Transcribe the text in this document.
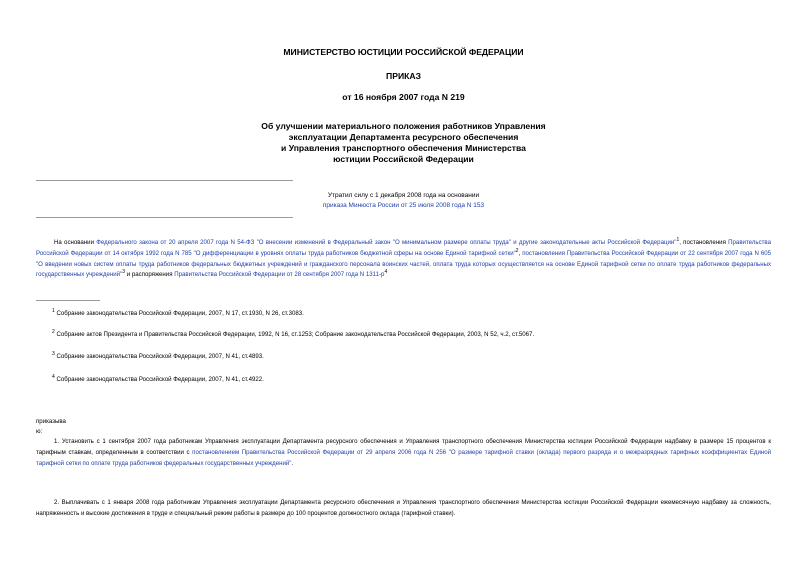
МИНИСТЕРСТВО ЮСТИЦИИ РОССИЙСКОЙ ФЕДЕРАЦИИ
ПРИКАЗ
от 16 ноября 2007 года N 219
Об улучшении материального положения работников Управления
эксплуатации Департамента ресурсного обеспечения
и Управления транспортного обеспечения Министерства
юстиции Российской Федерации
Утратил силу с 1 декабря 2008 года на основании
приказа Минюста России от 25 июля 2008 года N 153
На основании Федерального закона от 20 апреля 2007 года N 54-ФЗ "О внесении изменений в Федеральный закон "О минимальном размере оплаты труда" и другие законодательные акты Российской Федерации"$^1$, постановления Правительства Российской Федерации от 14 октября 1992 года N 785 "О дифференциации в уровнях оплаты труда работников бюджетной сферы на основе Единой тарифной сетки"$^2$, постановления Правительства Российской Федерации от 22 сентября 2007 года N 605 "О введении новых систем оплаты труда работников федеральных бюджетных учреждений и гражданского персонала воинских частей, оплата труда которых осуществляется на основе Единой тарифной сетки по оплате труда работников федеральных государственных учреждений"$^3$ и распоряжения Правительства Российской Федерации от 28 сентября 2007 года N $1311-р^4$
$^1$ Собрание законодательства Российской Федерации, 2007, N 17, ст.1930, N 26, ст.3083.
$^2$ Собрание актов Президента и Правительства Российской Федерации, 1992, N 16, ст.1253; Собрание законодательства Российской Федерации, 2003, N 52, ч.2, ст.5067.
$^3$ Собрание законодательства Российской Федерации, 2007, N 41, ст.4893.
$^4$ Собрание законодательства Российской Федерации, 2007, N 41, ст.4922.
приказыва
ю:
1. Установить с 1 сентября 2007 года работникам Управления эксплуатации Департамента ресурсного обеспечения и Управления транспортного обеспечения Министерства юстиции Российской Федерации надбавку в размере 15 процентов к тарифным ставкам, определенным в соответствии с постановлением Правительства Российской Федерации от 29 апреля 2006 года N 256 "О размере тарифной ставки (оклада) первого разряда и о межразрядных тарифных коэффициентах Единой тарифной сетки по оплате труда работников федеральных государственных учреждений".
2. Выплачивать с 1 января 2008 года работникам Управления эксплуатации Департамента ресурсного обеспечения и Управления транспортного обеспечения Министерства юстиции Российской Федерации ежемесячную надбавку за сложность, напряженность и высокие достижения в труде и специальный режим работы в размере до 100 процентов должностного оклада (тарифной ставки).
